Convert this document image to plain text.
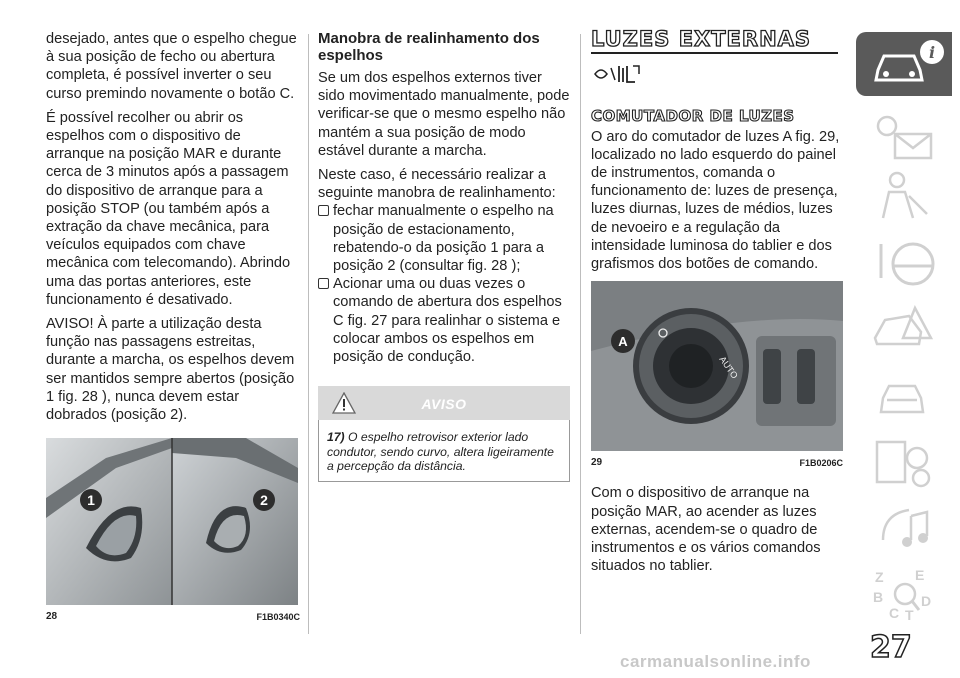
desejado, antes que o espelho chegue à sua posição de fecho ou abertura completa, é possível inverter o seu curso premindo novamente o botão C.

É possível recolher ou abrir os espelhos com o dispositivo de arranque na posição MAR e durante cerca de 3 minutos após a passagem do dispositivo de arranque para a posição STOP (ou também após a extração da chave mecânica, para veículos equipados com chave mecânica com telecomando). Abrindo uma das portas anteriores, este funcionamento é desativado.

AVISO! À parte a utilização desta função nas passagens estreitas, durante a marcha, os espelhos devem ser mantidos sempre abertos (posição 1 fig. 28 ), nunca devem estar dobrados (posição 2).

1	2
28	F1B0340C
Manobra de realinhamento dos espelhos

Se um dos espelhos externos tiver sido movimentado manualmente, pode verificar-se que o mesmo espelho não mantém a sua posição de modo estável durante a marcha.

Neste caso, é necessário realizar a seguinte manobra de realinhamento:

fechar manualmente o espelho na posição de estacionamento, rebatendo-o da posição 1 para a posição 2 (consultar fig. 28 );
Acionar uma ou duas vezes o comando de abertura dos espelhos C fig. 27 para realinhar o sistema e colocar ambos os espelhos em posição de condução.
AVISO
17) O espelho retrovisor exterior lado condutor, sendo curvo, altera ligeiramente a percepção da distância.
LUZES EXTERNAS
COMUTADOR DE LUZES

O aro do comutador de luzes A fig. 29, localizado no lado esquerdo do painel de instrumentos, comanda o funcionamento de: luzes de presença, luzes diurnas, luzes de médios, luzes de nevoeiro e a regulação da intensidade luminosa do tablier e dos grafismos dos botões de comando.

AUTO
A
29	F1B0206C

Com o dispositivo de arranque na posição MAR, ao acender as luzes externas, acendem-se o quadro de instrumentos e os vários comandos situados no tablier.

i
Z E
B	D
C T
27
carmanualsonline.info
